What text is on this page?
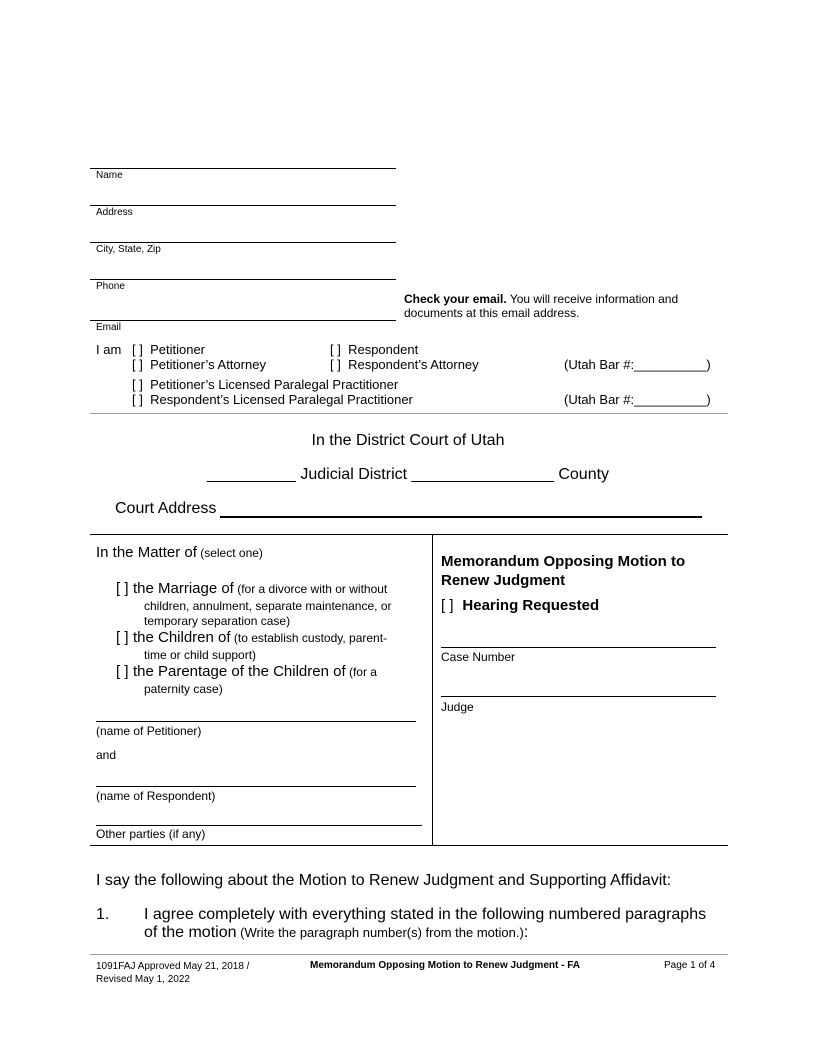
Name
Address
City, State, Zip
Phone
Check your email. You will receive information and
documents at this email address.
Email
I am [ ] Petitioner	[ ] Respondent
[ ] Petitioner’s Attorney	[ ] Respondent’s Attorney	(Utah Bar #:__________)
[ ] Petitioner’s Licensed Paralegal Practitioner
[ ] Respondent’s Licensed Paralegal Practitioner	(Utah Bar #:__________)
In the District Court of Utah
__________ Judicial District ________________ County
Court Address
In the Matter of (select one)
[ ] the Marriage of (for a divorce with or without
children, annulment, separate maintenance, or
temporary separation case)
[ ] the Children of (to establish custody, parent-
time or child support)
[ ] the Parentage of the Children of (for a
paternity case)
(name of Petitioner)
and
(name of Respondent)
Other parties (if any)
Memorandum Opposing Motion to
Renew Judgment
[ ] Hearing Requested
Case Number
Judge
I say the following about the Motion to Renew Judgment and Supporting Affidavit:
1. I agree completely with everything stated in the following numbered paragraphs
of the motion (Write the paragraph number(s) from the motion.):
1091FAJ Approved May 21, 2018 /
Revised May 1, 2022
Memorandum Opposing Motion to Renew Judgment - FA	Page 1 of 4
